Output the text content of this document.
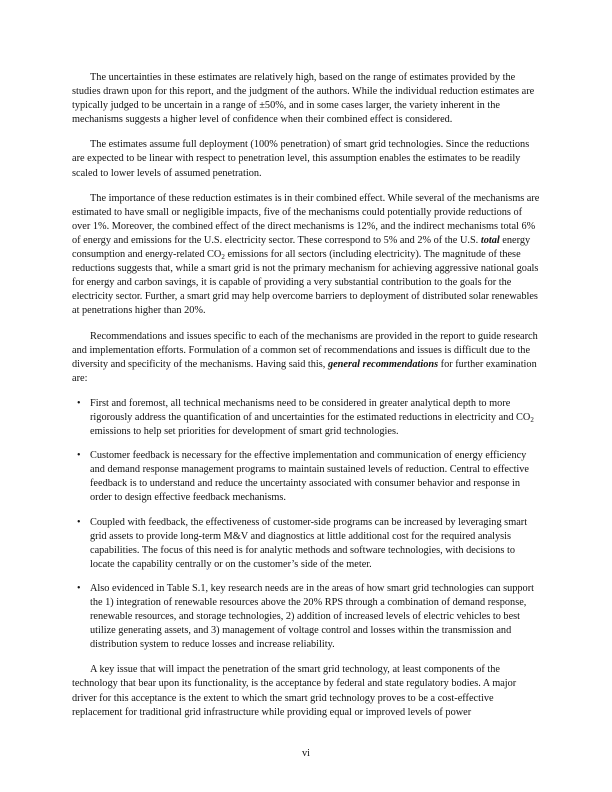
The uncertainties in these estimates are relatively high, based on the range of estimates provided by the studies drawn upon for this report, and the judgment of the authors. While the individual reduction estimates are typically judged to be uncertain in a range of ±50%, and in some cases larger, the variety inherent in the mechanisms suggests a higher level of confidence when their combined effect is considered.

The estimates assume full deployment (100% penetration) of smart grid technologies. Since the reductions are expected to be linear with respect to penetration level, this assumption enables the estimates to be readily scaled to lower levels of assumed penetration.

The importance of these reduction estimates is in their combined effect. While several of the mechanisms are estimated to have small or negligible impacts, five of the mechanisms could potentially provide reductions of over 1%. Moreover, the combined effect of the direct mechanisms is 12%, and the indirect mechanisms total 6% of energy and emissions for the U.S. electricity sector. These correspond to 5% and 2% of the U.S. total energy consumption and energy-related $CO_2$ emissions for all sectors (including electricity). The magnitude of these reductions suggests that, while a smart grid is not the primary mechanism for achieving aggressive national goals for energy and carbon savings, it is capable of providing a very substantial contribution to the goals for the electricity sector. Further, a smart grid may help overcome barriers to deployment of distributed solar renewables at penetrations higher than 20%.

Recommendations and issues specific to each of the mechanisms are provided in the report to guide research and implementation efforts. Formulation of a common set of recommendations and issues is difficult due to the diversity and specificity of the mechanisms. Having said this, general recommendations for further examination are:

• First and foremost, all technical mechanisms need to be considered in greater analytical depth to more rigorously address the quantification of and uncertainties for the estimated reductions in electricity and $CO_2$ emissions to help set priorities for development of smart grid technologies.
• Customer feedback is necessary for the effective implementation and communication of energy efficiency and demand response management programs to maintain sustained levels of reduction. Central to effective feedback is to understand and reduce the uncertainty associated with consumer behavior and response in order to design effective feedback mechanisms.
• Coupled with feedback, the effectiveness of customer-side programs can be increased by leveraging smart grid assets to provide long-term M&V and diagnostics at little additional cost for the required analysis capabilities. The focus of this need is for analytic methods and software technologies, with decisions to locate the capability centrally or on the customer’s side of the meter.
• Also evidenced in Table S.1, key research needs are in the areas of how smart grid technologies can support the 1) integration of renewable resources above the 20% RPS through a combination of demand response, renewable resources, and storage technologies, 2) addition of increased levels of electric vehicles to best utilize generating assets, and 3) management of voltage control and losses within the transmission and distribution system to reduce losses and increase reliability.

A key issue that will impact the penetration of the smart grid technology, at least components of the technology that bear upon its functionality, is the acceptance by federal and state regulatory bodies. A major driver for this acceptance is the extent to which the smart grid technology proves to be a cost-effective replacement for traditional grid infrastructure while providing equal or improved levels of power

vi
